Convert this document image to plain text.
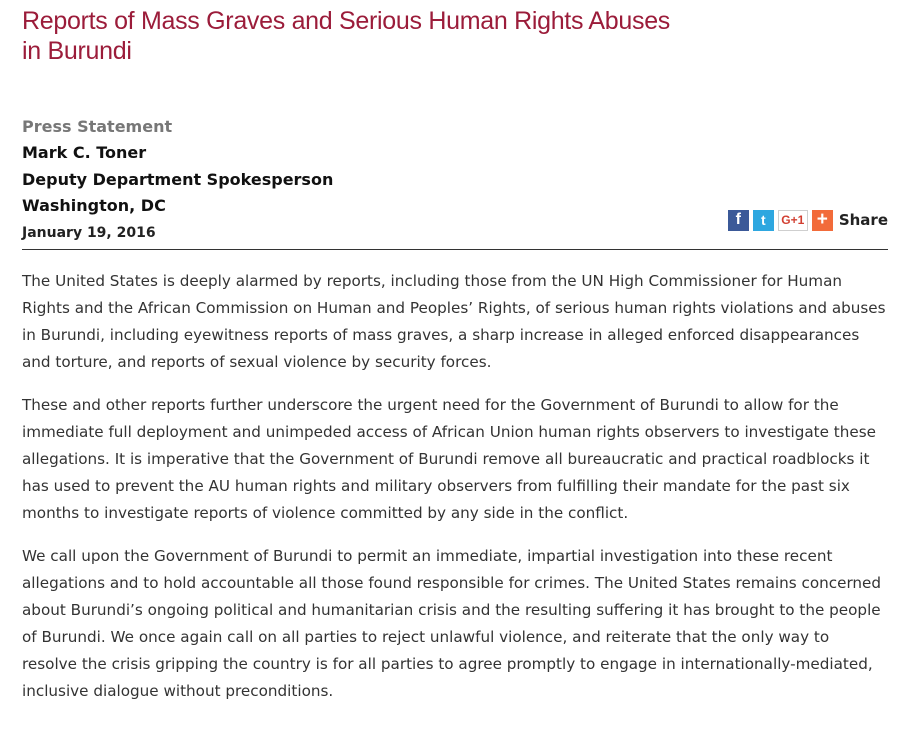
Reports of Mass Graves and Serious Human Rights Abuses
in Burundi
Press Statement
Mark C. Toner
Deputy Department Spokesperson
Washington, DC
January 19, 2016
f	t	G+1 + Share

The United States is deeply alarmed by reports, including those from the UN High Commissioner for Human Rights and the African Commission on Human and Peoples’ Rights, of serious human rights violations and abuses in Burundi, including eyewitness reports of mass graves, a sharp increase in alleged enforced disappearances and torture, and reports of sexual violence by security forces.

These and other reports further underscore the urgent need for the Government of Burundi to allow for the immediate full deployment and unimpeded access of African Union human rights observers to investigate these allegations. It is imperative that the Government of Burundi remove all bureaucratic and practical roadblocks it has used to prevent the AU human rights and military observers from fulfilling their mandate for the past six months to investigate reports of violence committed by any side in the conflict.

We call upon the Government of Burundi to permit an immediate, impartial investigation into these recent allegations and to hold accountable all those found responsible for crimes. The United States remains concerned about Burundi’s ongoing political and humanitarian crisis and the resulting suffering it has brought to the people of Burundi. We once again call on all parties to reject unlawful violence, and reiterate that the only way to resolve the crisis gripping the country is for all parties to agree promptly to engage in internationally-mediated, inclusive dialogue without preconditions.
